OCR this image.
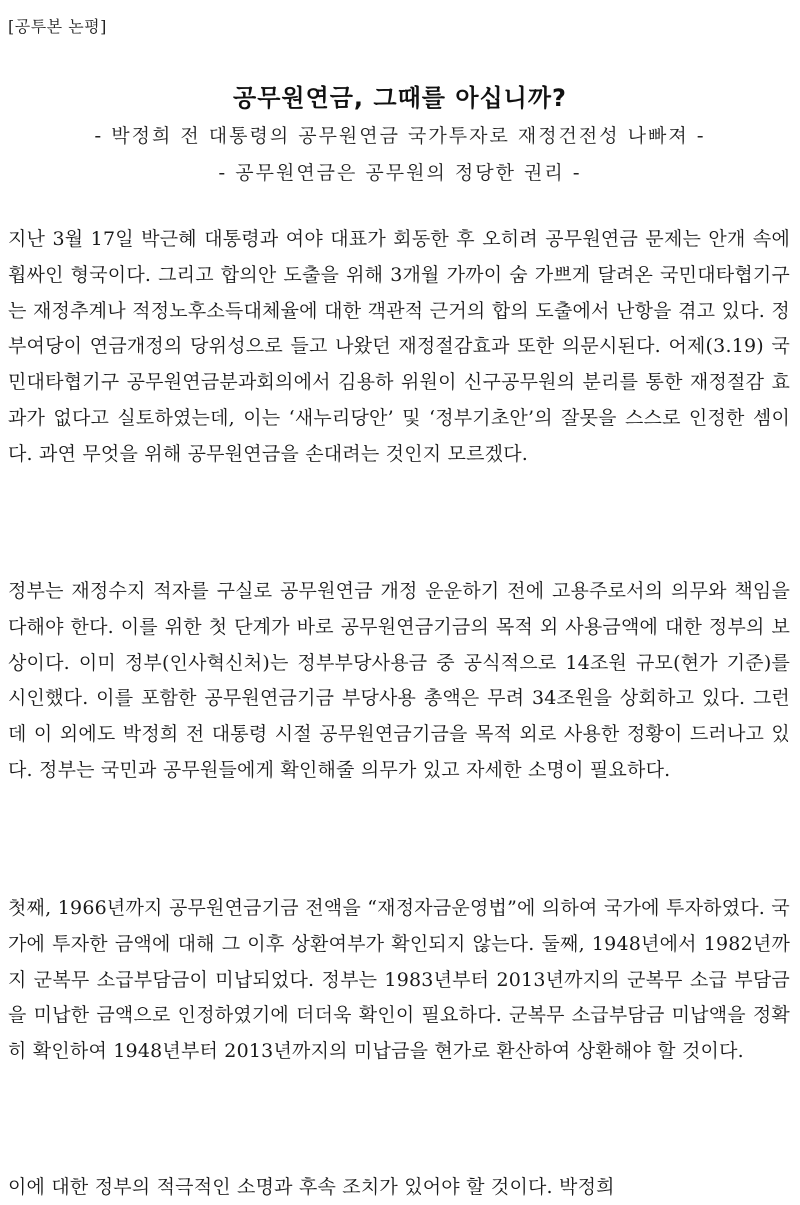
[공투본 논평]
공무원연금, 그때를 아십니까?

- 박정희 전 대통령의 공무원연금 국가투자로 재정건전성 나빠져 -

- 공무원연금은 공무원의 정당한 권리 -

지난 3월 17일 박근혜 대통령과 여야 대표가 회동한 후 오히려 공무원연금 문제는 안개 속에 휩싸인 형국이다. 그리고 합의안 도출을 위해 3개월 가까이 숨 가쁘게 달려온 국민대타협기구는 재정추계나 적정노후소득대체율에 대한 객관적 근거의 합의 도출에서 난항을 겪고 있다. 정부여당이 연금개정의 당위성으로 들고 나왔던 재정절감효과 또한 의문시된다. 어제(3.19) 국민대타협기구 공무원연금분과회의에서 김용하 위원이 신구공무원의 분리를 통한 재정절감 효과가 없다고 실토하였는데, 이는 ‘새누리당안’ 및 ‘정부기초안’의 잘못을 스스로 인정한 셈이다. 과연 무엇을 위해 공무원연금을 손대려는 것인지 모르겠다.

정부는 재정수지 적자를 구실로 공무원연금 개정 운운하기 전에 고용주로서의 의무와 책임을 다해야 한다. 이를 위한 첫 단계가 바로 공무원연금기금의 목적 외 사용금액에 대한 정부의 보상이다. 이미 정부(인사혁신처)는 정부부당사용금 중 공식적으로 14조원 규모(현가 기준)를 시인했다. 이를 포함한 공무원연금기금 부당사용 총액은 무려 34조원을 상회하고 있다. 그런데 이 외에도 박정희 전 대통령 시절 공무원연금기금을 목적 외로 사용한 정황이 드러나고 있다. 정부는 국민과 공무원들에게 확인해줄 의무가 있고 자세한 소명이 필요하다.

첫째, 1966년까지 공무원연금기금 전액을 “재정자금운영법”에 의하여 국가에 투자하였다. 국가에 투자한 금액에 대해 그 이후 상환여부가 확인되지 않는다. 둘째, 1948년에서 1982년까지 군복무 소급부담금이 미납되었다. 정부는 1983년부터 2013년까지의 군복무 소급 부담금을 미납한 금액으로 인정하였기에 더더욱 확인이 필요하다. 군복무 소급부담금 미납액을 정확히 확인하여 1948년부터 2013년까지의 미납금을 현가로 환산하여 상환해야 할 것이다.

이에 대한 정부의 적극적인 소명과 후속 조치가 있어야 할 것이다. 박정희
